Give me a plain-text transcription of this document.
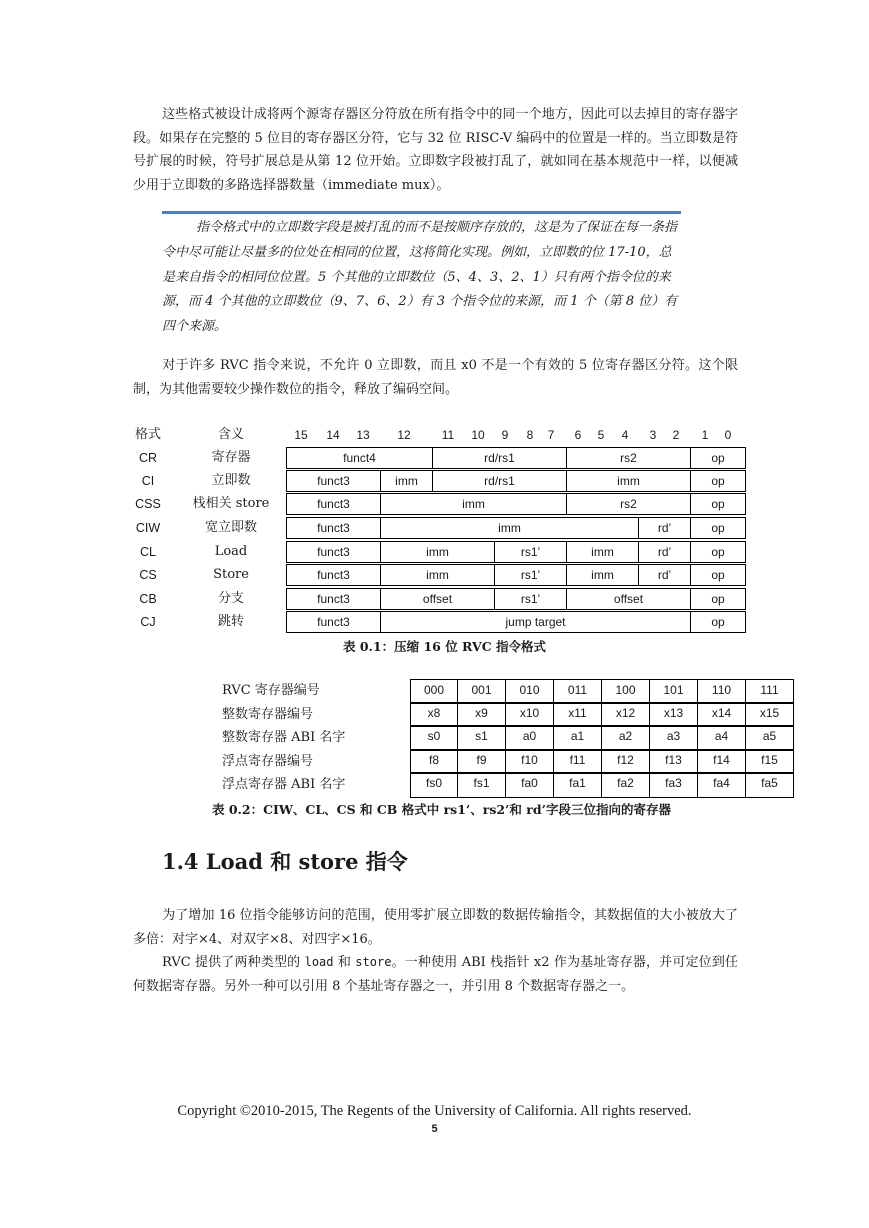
这些格式被设计成将两个源寄存器区分符放在所有指令中的同一个地方，因此可以去掉目的寄存器字段。如果存在完整的 5 位目的寄存器区分符，它与 32 位 RISC-V 编码中的位置是一样的。当立即数是符号扩展的时候，符号扩展总是从第 12 位开始。立即数字段被打乱了，就如同在基本规范中一样，以便减少用于立即数的多路选择器数量（immediate mux）。

指令格式中的立即数字段是被打乱的而不是按顺序存放的，这是为了保证在每一条指令中尽可能让尽量多的位处在相同的位置，这将简化实现。例如，立即数的位 17-10，总是来自指令的相同位位置。5 个其他的立即数位（5、4、3、2、1）只有两个指令位的来源，而 4 个其他的立即数位（9、7、6、2）有 3 个指令位的来源，而 1 个（第 8 位）有四个来源。

对于许多 RVC 指令来说，不允许 0 立即数，而且 x0 不是一个有效的 5 位寄存器区分符。这个限制，为其他需要较少操作数位的指令，释放了编码空间。

格式	含义	15 14 13 12	11	10	9	8	7	6	5	4	3	2	1	0
CR	寄存器	funct4	rd/rs1	rs2	op
CI	立即数	funct3	imm	rd/rs1	imm	op
CSS	栈相关 store	funct3	imm	rs2	op
CIW	宽立即数	funct3	imm	rd’	op
CL	Load	funct3	imm	rs1’	imm	rd’	op
CS	Store	funct3	imm	rs1’	imm	rd’	op
CB	分支	funct3	offset	rs1’	offset	op
CJ	跳转	funct3	jump target	op
表 0.1：压缩 16 位 RVC 指令格式
RVC 寄存器编号	000	001	010	011	100	101	110	111
整数寄存器编号	x8	x9	x10	x11	x12	x13	x14	x15
整数寄存器 ABI 名字	s0	s1	a0	a1	a2	a3	a4	a5
浮点寄存器编号	f8	f9	f10	f11	f12	f13	f14	f15
浮点寄存器 ABI 名字	fs0	fs1	fa0	fa1	fa2	fa3	fa4	fa5
表 0.2：CIW、CL、CS 和 CB 格式中 rs1’、rs2’和 rd’字段三位指向的寄存器
1.4 Load 和 store 指令

为了增加 16 位指令能够访问的范围，使用零扩展立即数的数据传输指令，其数据值的大小被放大了多倍：对字×4、对双字×8、对四字×16。

RVC 提供了两种类型的 load 和 store。一种使用 ABI 栈指针 x2 作为基址寄存器，并可定位到任何数据寄存器。另外一种可以引用 8 个基址寄存器之一，并引用 8 个数据寄存器之一。

Copyright ©2010-2015, The Regents of the University of California. All rights reserved.
5
